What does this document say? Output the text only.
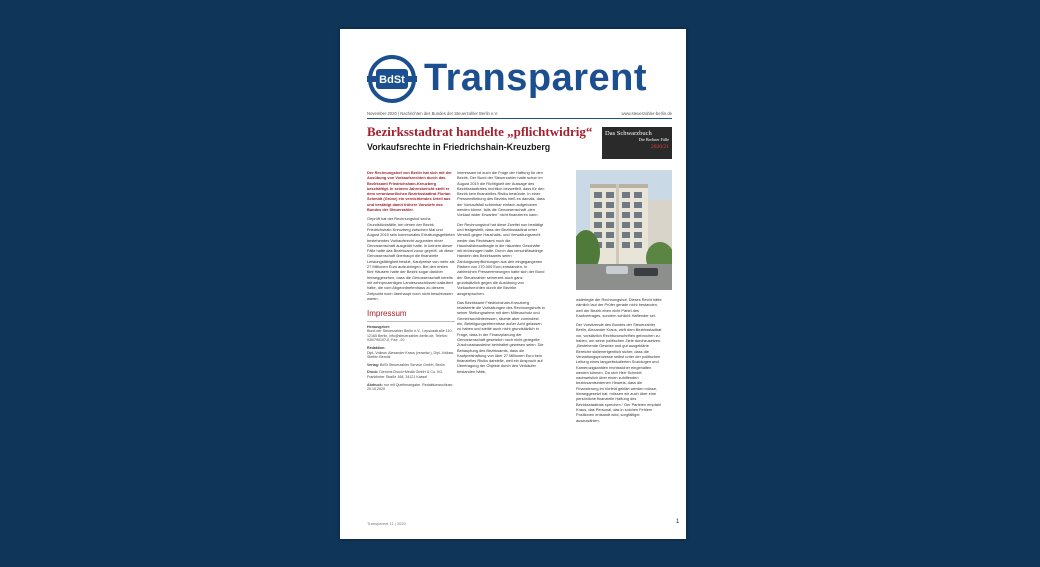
BdSt Transparent
November 2020 | Nachrichten des Bundes der Steuerzahler Berlin e.V.	www.steuerzahler-berlin.de
Bezirksstadtrat handelte „pflichtwidrig“
Vorkaufsrechte in Friedrichshain-Kreuzberg
Das Schwarzbuch
Die Berliner Fälle
2020/21

Der Rechnungshof von Berlin hat sich mit der Ausübung von Vorkaufsrechten durch das Bezirksamt Friedrichshain-Kreuzberg beschäftigt. In seinem Jahresbericht stellt er dem verantwortlichen Bezirksstadtrat Florian Schmidt (Grüne) ein vernichtendes Urteil aus und bestätigt damit frühere Vorwürfe des Bundes der Steuerzahler.

Geprüft hat der Rechnungshof sechs Grundstücksfälle, bei denen der Bezirk Friedrichshain-Kreuzberg zwischen Mai und August 2019 sein kommunales Erhaltungsgebieten bestehendes Vorkaufsrecht zugunsten einer Genossenschaft ausgeübt hatte. In keinem dieser Fälle hatte das Bezirksamt zuvor geprüft, ob diese Genossenschaft überhaupt die finanzielle Leistungsfähigkeit besitzt, Kaufpreise von mehr als 27 Millionen Euro aufzubringen. Bei den ersten fünf Häusern hatte der Bezirk sogar darüber hinweggesehen, dass die Genossenschaft bereits mit zehnprozentigen Landeszuschüssen kalkuliert hatte, die vom Abgeordnetenhaus zu diesem Zeitpunkt noch überhaupt noch nicht beschlossen waren.

Impressum
Herausgeber:
Bund der Steuerzahler Berlin e.V., Lepsiusstraße 110, 12165 Berlin, info@steuerzahler-berlin.de, Telefon: 030/790107-0, Fax: -20
Redaktion:
Dipl.-Volksw. Alexander Kraus (verantw.), Dipl.-Volksw. Steffen Bernitz
Verlag: BdSt Steuerzahler Service GmbH, Berlin
Druck: Dierichs Druck+Media GmbH & Co. KG, Frankfurter Straße 168, 34121 Kassel
Abdruck: nur mit Quellenangabe. Redaktionsschluss: 20.10.2020

Interessant ist auch die Frage der Haftung für den Bezirk. Der Bund der Steuerzahler hatte schon im August 2019 die Richtigkeit der Aussage des Bezirksstadtrates rechtlich bezweifelt, dass für den Bezirk kein finanzielles Risiko bestünde. In einer Pressemitteilung des Bezirks hieß es damals, dass der Vorkaufsfall scheinbar einfach aufgehoben werden könne, falls die Genossenschaft „den Vorkauf wider Erwarten“ nicht finanzieren kann.

Der Rechnungshof hat diese Zweifel nun bestätigt und festgestellt, dass der Bezirksstadtrat unter Verstoß gegen Haushalts- und Verwaltungsrecht weder das Rechtsamt noch die Haushaltsbeauftragte in die riskanten Geschäfte mit einbezogen hatte. Durch das verschiftswidrige Handeln des Bezirksamts seien Zahlungsverpflichtungen aus den eingegangenen Risiken von 270.000 Euro entstanden. In zahlreichen Presseremeungen hatte sich der Bund der Steuerzahler seinerzeit auch ganz grundsätzlich gegen die Ausübung von Vorkaufsrechten durch die Bezirke ausgesprochen.

Das Bezirksamt Friedrichshain-Kreuzberg relativierte die Vorhaltungen des Rechnungshofs in seiner Stellungnahme mit dem Milieuschutz und Gemeinwohlinteressen, räumte aber zumindest ein, Beteiligungsreferentsse außer Acht gelassen zu haben und stellte auch nicht grundsätzlich in Frage, dass in der Finanzplanung der Genossenschaft gesetzlich noch nicht geregelte Zuschussbausteine beinhaltet gewesen seien. Die Behauptung des Bezirksamts, dass die Kaufpreishaftung von über 27 Millionen Euro kein finanzielles Risiko darstelle, weil ein Anspruch auf Übertragung der Objekte durch den Verkäufer bestanden hätte,

widerlegte der Rechnungshof. Dieses Recht hätte nämlich laut der Prüfer gerade nicht bestanden, weil der Bezirk eben nicht Partei des Kaufvertrages, sondern schlicht Haftender sei.

Der Vorsitzende des Bundes der Steuerzahler Berlin, Alexander Kraus, wirft dem Bezirksstadtrat vor, vorsätzlich Rechtsvorschriften gebrochen zu haben, um seine politischen Ziele durchzusetzen. „Bestehende Gesetze und gut ausgeklärte Bereiche skillenerigentlich sicher, dass die Verwaltungsprozesse selbst unter der politischen Leitung eines langzeitstudierten Soziologen und Kamerozigkantilen rechtssicher eingehalten werden können. Da sich Herr Schmidt nachweislich über einen zuhilfenden bezirksamtsinternen Hinweis, dass die Finanzierung im Vorfeld geklärt werden müsse, hinweggesetzt hat, müssen wir auch über eine persönliche finanzielle Haftung des Bezirksstadtrats sprechen.“ Der Parteien empfahl Kraus, das Personal, das in solchen Fehlern Positionen entsandt wird, sorgfältiger auszuwählen.

Transparent 11 | 2020	1
